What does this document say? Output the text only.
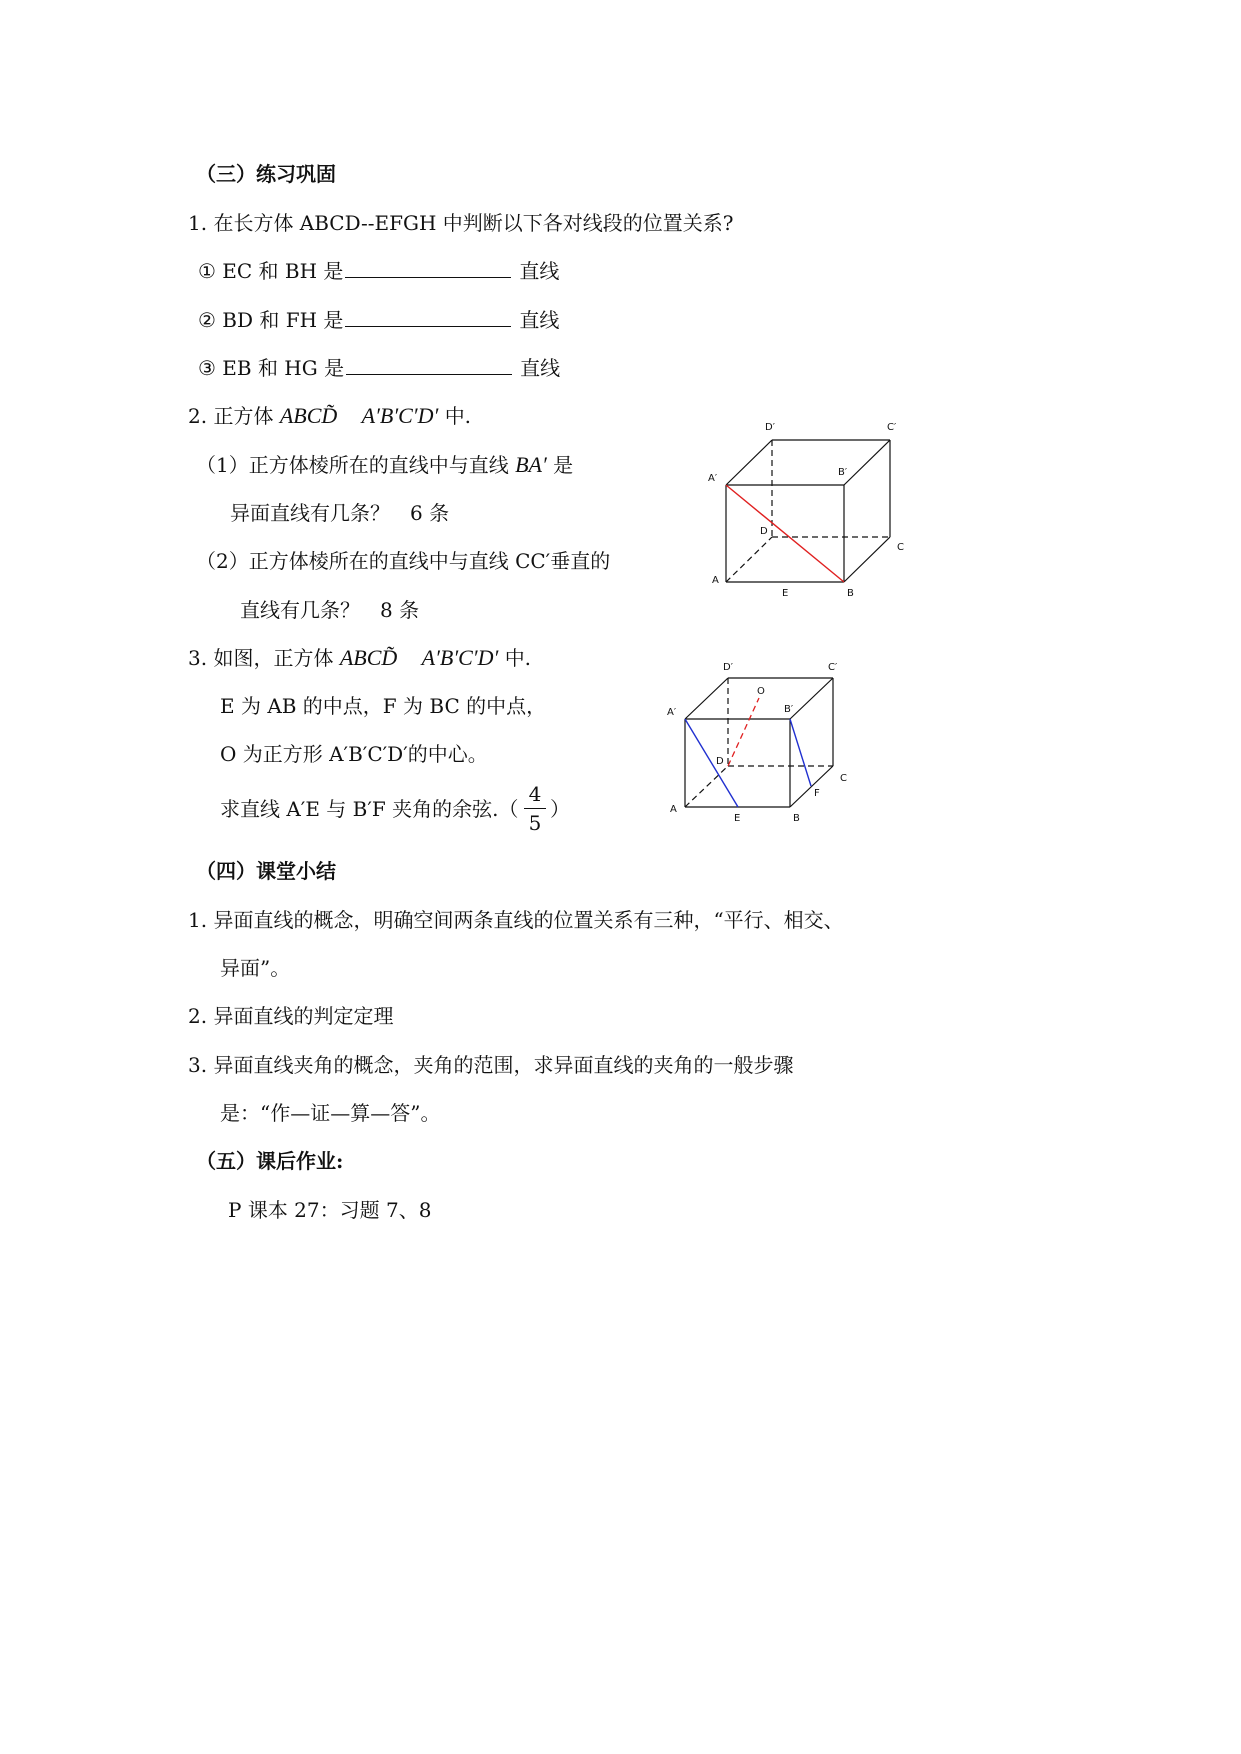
（三）练习巩固
1. 在长方体 ABCD--EFGH 中判断以下各对线段的位置关系?
① EC 和 BH 是	直线
② BD 和 FH 是	直线
③ EB 和 HG 是	直线
2. 正方体 ABCD̃ A′B′C′D′ 中.
（1）正方体棱所在的直线中与直线 BA′ 是
异面直线有几条？　6 条
（2）正方体棱所在的直线中与直线 CC′垂直的
直线有几条？　8 条
D′	C′
A′
B′
D
C
A
E	B
3. 如图，正方体 ABCD̃ A′B′C′D′ 中.
E 为 AB 的中点，F 为 BC 的中点，
O 为正方形 A′B′C′D′的中心。
求直线 A′E 与 B′F 夹角的余弦.（
4
5
）
D′	C′
A′	B′
O
D
C
F
A
E	B
（四）课堂小结
1. 异面直线的概念，明确空间两条直线的位置关系有三种，“平行、相交、
异面”。
2. 异面直线的判定定理
3. 异面直线夹角的概念，夹角的范围，求异面直线的夹角的一般步骤
是：“作—证—算—答”。
（五）课后作业:
P 课本 27：习题 7、8
